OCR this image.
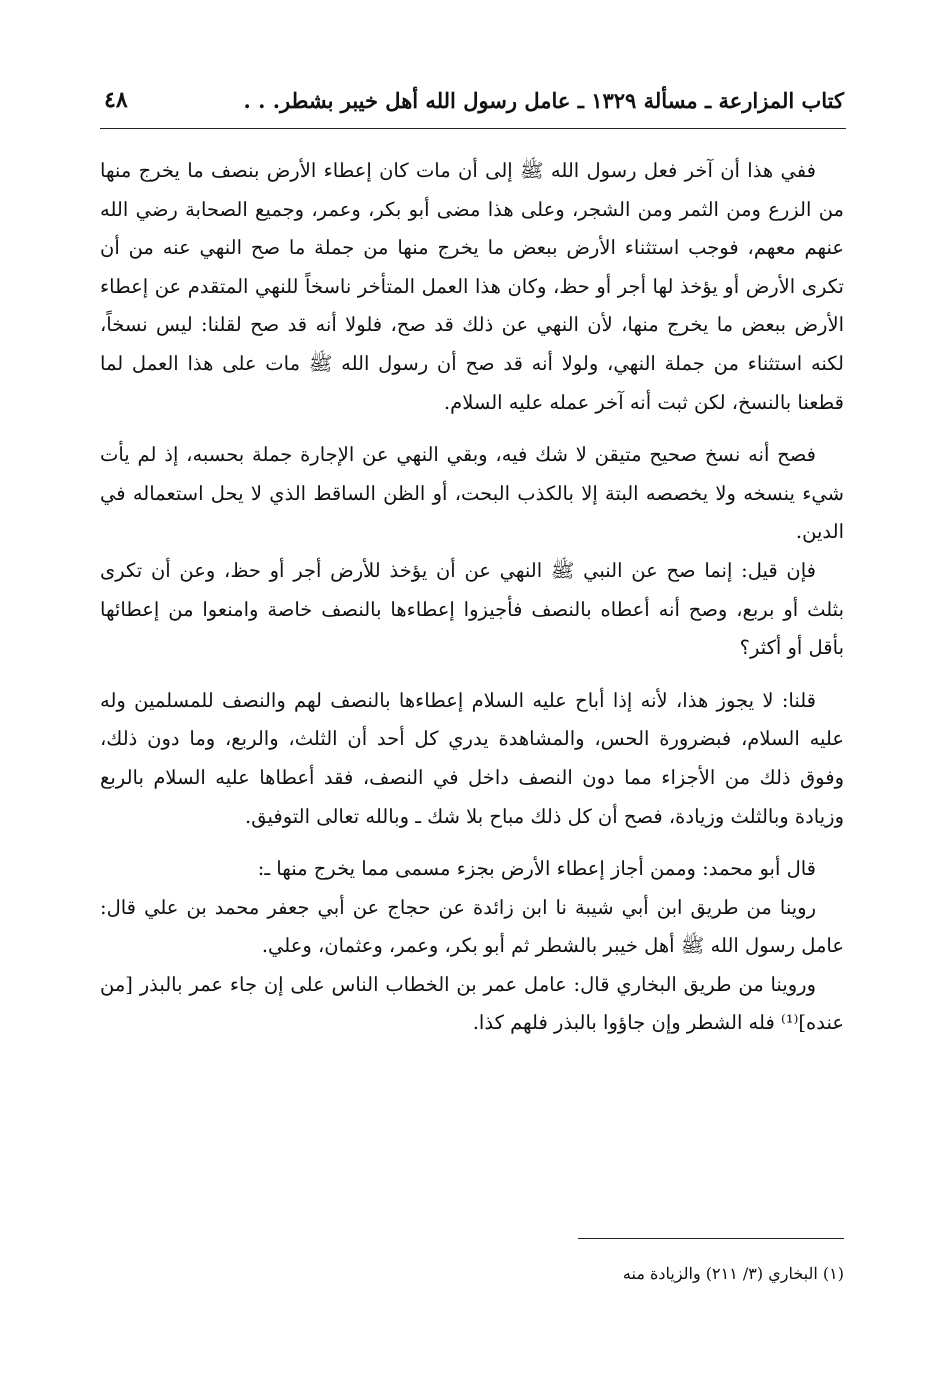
كتاب المزارعة ـ مسألة ١٣٢٩ ـ عامل رسول الله أهل خيبر بشطر. . .
٤٨

ففي هذا أن آخر فعل رسول الله ﷺ إلى أن مات كان إعطاء الأرض بنصف ما يخرج منها من الزرع ومن الثمر ومن الشجر، وعلى هذا مضى أبو بكر، وعمر، وجميع الصحابة رضي الله عنهم معهم، فوجب استثناء الأرض ببعض ما يخرج منها من جملة ما صح النهي عنه من أن تكرى الأرض أو يؤخذ لها أجر أو حظ، وكان هذا العمل المتأخر ناسخاً للنهي المتقدم عن إعطاء الأرض ببعض ما يخرج منها، لأن النهي عن ذلك قد صح، فلولا أنه قد صح لقلنا: ليس نسخاً، لكنه استثناء من جملة النهي، ولولا أنه قد صح أن رسول الله ﷺ مات على هذا العمل لما قطعنا بالنسخ، لكن ثبت أنه آخر عمله عليه السلام.

فصح أنه نسخ صحيح متيقن لا شك فيه، وبقي النهي عن الإجارة جملة بحسبه، إذ لم يأت شيء ينسخه ولا يخصصه البتة إلا بالكذب البحت، أو الظن الساقط الذي لا يحل استعماله في الدين.

فإن قيل: إنما صح عن النبي ﷺ النهي عن أن يؤخذ للأرض أجر أو حظ، وعن أن تكرى بثلث أو بربع، وصح أنه أعطاه بالنصف فأجيزوا إعطاءها بالنصف خاصة وامنعوا من إعطائها بأقل أو أكثر؟

قلنا: لا يجوز هذا، لأنه إذا أباح عليه السلام إعطاءها بالنصف لهم والنصف للمسلمين وله عليه السلام، فبضرورة الحس، والمشاهدة يدري كل أحد أن الثلث، والربع، وما دون ذلك، وفوق ذلك من الأجزاء مما دون النصف داخل في النصف، فقد أعطاها عليه السلام بالربع وزيادة وبالثلث وزيادة، فصح أن كل ذلك مباح بلا شك ـ وبالله تعالى التوفيق.

قال أبو محمد: وممن أجاز إعطاء الأرض بجزء مسمى مما يخرج منها ـ:

روينا من طريق ابن أبي شيبة نا ابن زائدة عن حجاج عن أبي جعفر محمد بن علي قال: عامل رسول الله ﷺ أهل خيبر بالشطر ثم أبو بكر، وعمر، وعثمان، وعلي.

وروينا من طريق البخاري قال: عامل عمر بن الخطاب الناس على إن جاء عمر بالبذر [من عنده]⁽¹⁾ فله الشطر وإن جاؤوا بالبذر فلهم كذا.

(١) البخاري (٣/ ٢١١) والزيادة منه
